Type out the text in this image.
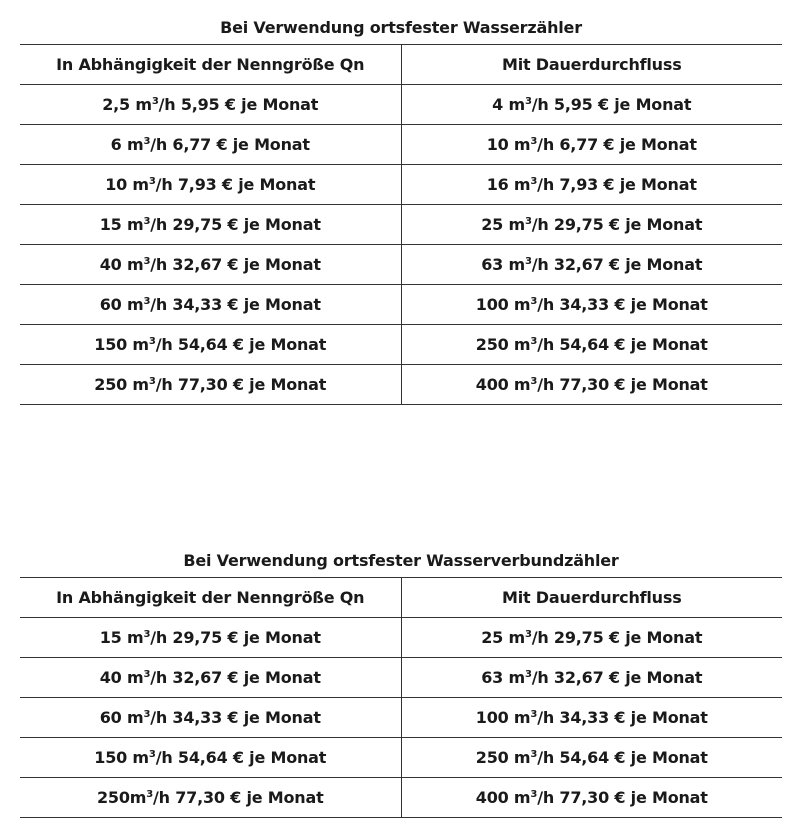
Bei Verwendung ortsfester Wasserzähler
In Abhängigkeit der Nenngröße Qn	Mit Dauerdurchfluss
2,5 $m^3/h$ 5,95 € je Monat	4 $m^3/h$ 5,95 € je Monat
6 $m^3/h$ 6,77 € je Monat	10 $m^3/h$ 6,77 € je Monat
10 $m^3/h$ 7,93 € je Monat	16 $m^3/h$ 7,93 € je Monat
15 $m^3/h$ 29,75 € je Monat	25 $m^3/h$ 29,75 € je Monat
40 $m^3/h$ 32,67 € je Monat	63 $m^3/h$ 32,67 € je Monat
60 $m^3/h$ 34,33 € je Monat	100 $m^3/h$ 34,33 € je Monat
150 $m^3/h$ 54,64 € je Monat	250 $m^3/h$ 54,64 € je Monat
250 $m^3/h$ 77,30 € je Monat	400 $m^3/h$ 77,30 € je Monat
Bei Verwendung ortsfester Wasserverbundzähler
In Abhängigkeit der Nenngröße Qn	Mit Dauerdurchfluss
15 $m^3/h$ 29,75 € je Monat	25 $m^3/h$ 29,75 € je Monat
40 $m^3/h$ 32,67 € je Monat	63 $m^3/h$ 32,67 € je Monat
60 $m^3/h$ 34,33 € je Monat	100 $m^3/h$ 34,33 € je Monat
150 $m^3/h$ 54,64 € je Monat	250 $m^3/h$ 54,64 € je Monat
$250m^3/h$ 77,30 € je Monat	400 $m^3/h$ 77,30 € je Monat
